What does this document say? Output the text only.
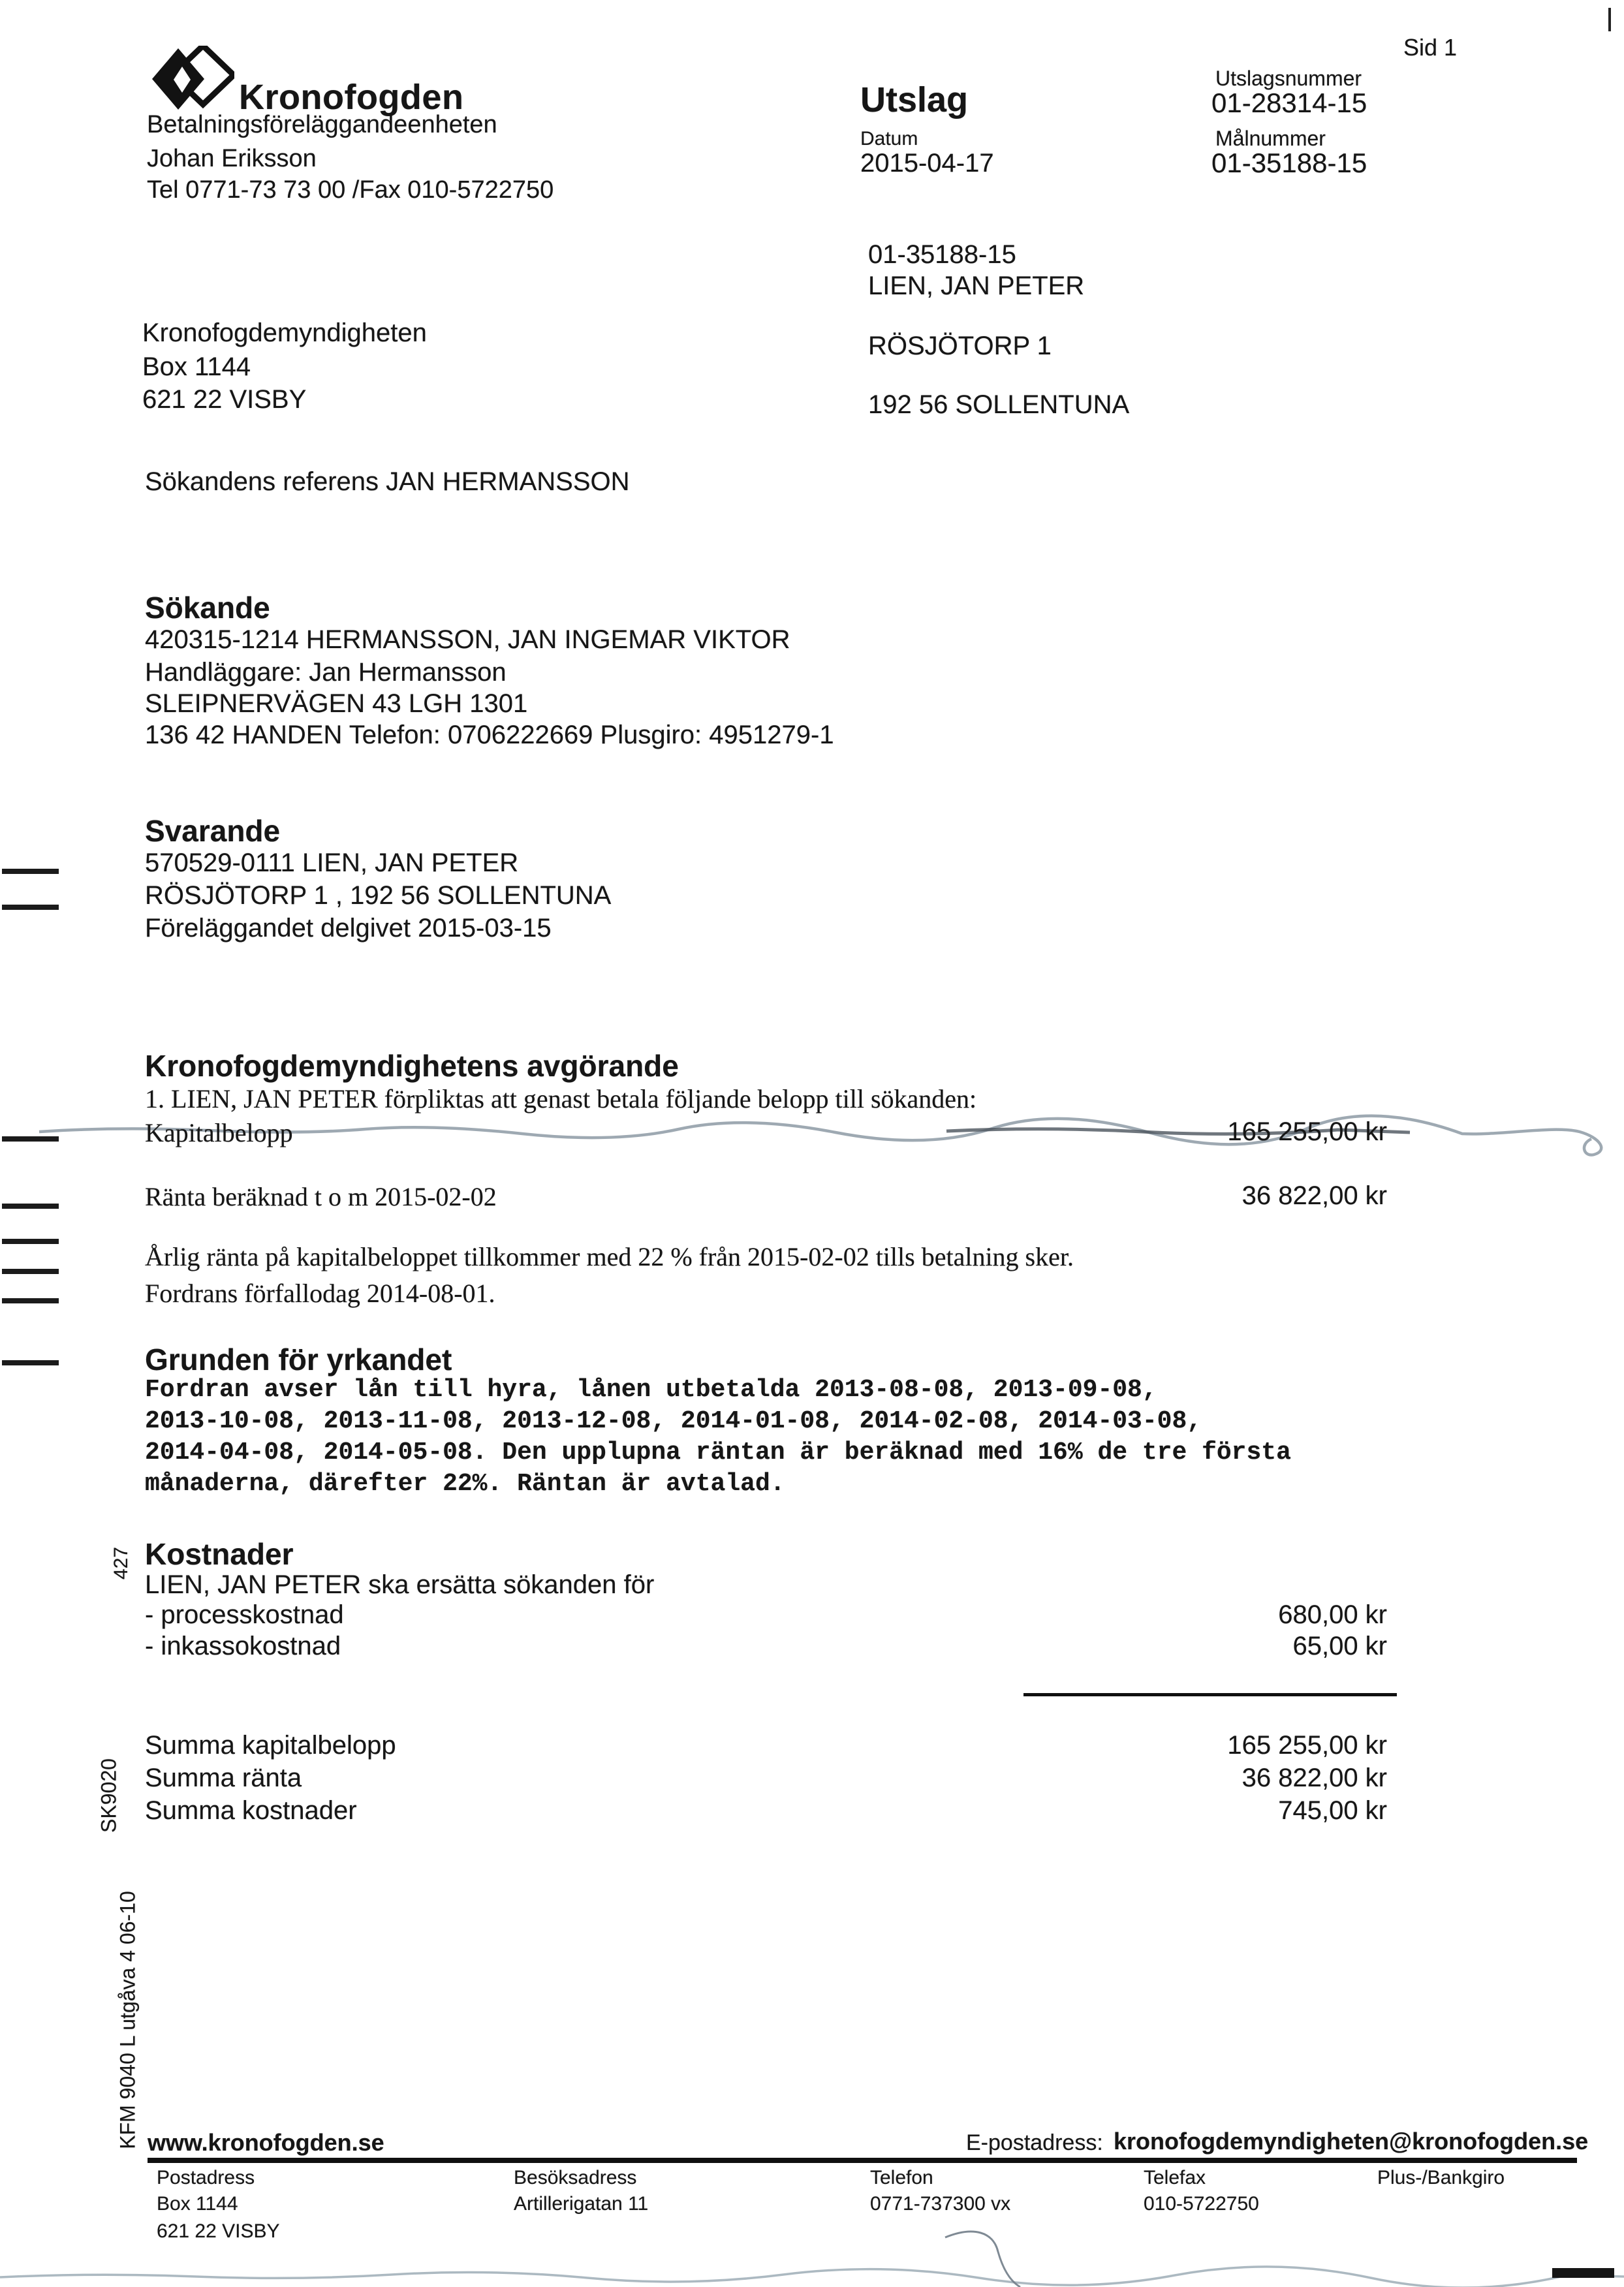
Kronofogden
Betalningsföreläggandeenheten
Johan Eriksson
Tel 0771-73 73 00 /Fax 010-5722750
Sid 1
Utslag
Datum
2015-04-17
Utslagsnummer
01-28314-15
Målnummer
01-35188-15
01-35188-15
LIEN, JAN PETER
RÖSJÖTORP 1
192 56 SOLLENTUNA
Kronofogdemyndigheten
Box 1144
621 22 VISBY
Sökandens referens JAN HERMANSSON
Sökande
420315-1214 HERMANSSON, JAN INGEMAR VIKTOR
Handläggare: Jan Hermansson
SLEIPNERVÄGEN 43 LGH 1301
136 42 HANDEN Telefon: 0706222669 Plusgiro: 4951279-1
Svarande
570529-0111 LIEN, JAN PETER
RÖSJÖTORP 1 , 192 56 SOLLENTUNA
Föreläggandet delgivet 2015-03-15
Kronofogdemyndighetens avgörande
1. LIEN, JAN PETER förpliktas att genast betala följande belopp till sökanden:
Kapitalbelopp	165 255,00 kr
Ränta beräknad t o m 2015-02-02	36 822,00 kr
Årlig ränta på kapitalbeloppet tillkommer med 22 % från 2015-02-02 tills betalning sker.
Fordrans förfallodag 2014-08-01.
Grunden för yrkandet
Fordran avser lån till hyra, lånen utbetalda 2013-08-08, 2013-09-08,
2013-10-08, 2013-11-08, 2013-12-08, 2014-01-08, 2014-02-08, 2014-03-08,
2014-04-08, 2014-05-08. Den upplupna räntan är beräknad med 16% de tre första
månaderna, därefter 22%. Räntan är avtalad.
427 Kostnader
LIEN, JAN PETER ska ersätta sökanden för
- processkostnad	680,00 kr
- inkassokostnad	65,00 kr
SK9020
Summa kapitalbelopp	165 255,00 kr
Summa ränta	36 822,00 kr
Summa kostnader	745,00 kr
KFM 9040 L utgåva 4 06-10 www.kronofogden.se	E-postadress: kronofogdemyndigheten@kronofogden.se
Postadress
Box 1144
621 22 VISBY
Besöksadress
Artillerigatan 11
Telefon
0771-737300 vx
Telefax
010-5722750
Plus-/Bankgiro
